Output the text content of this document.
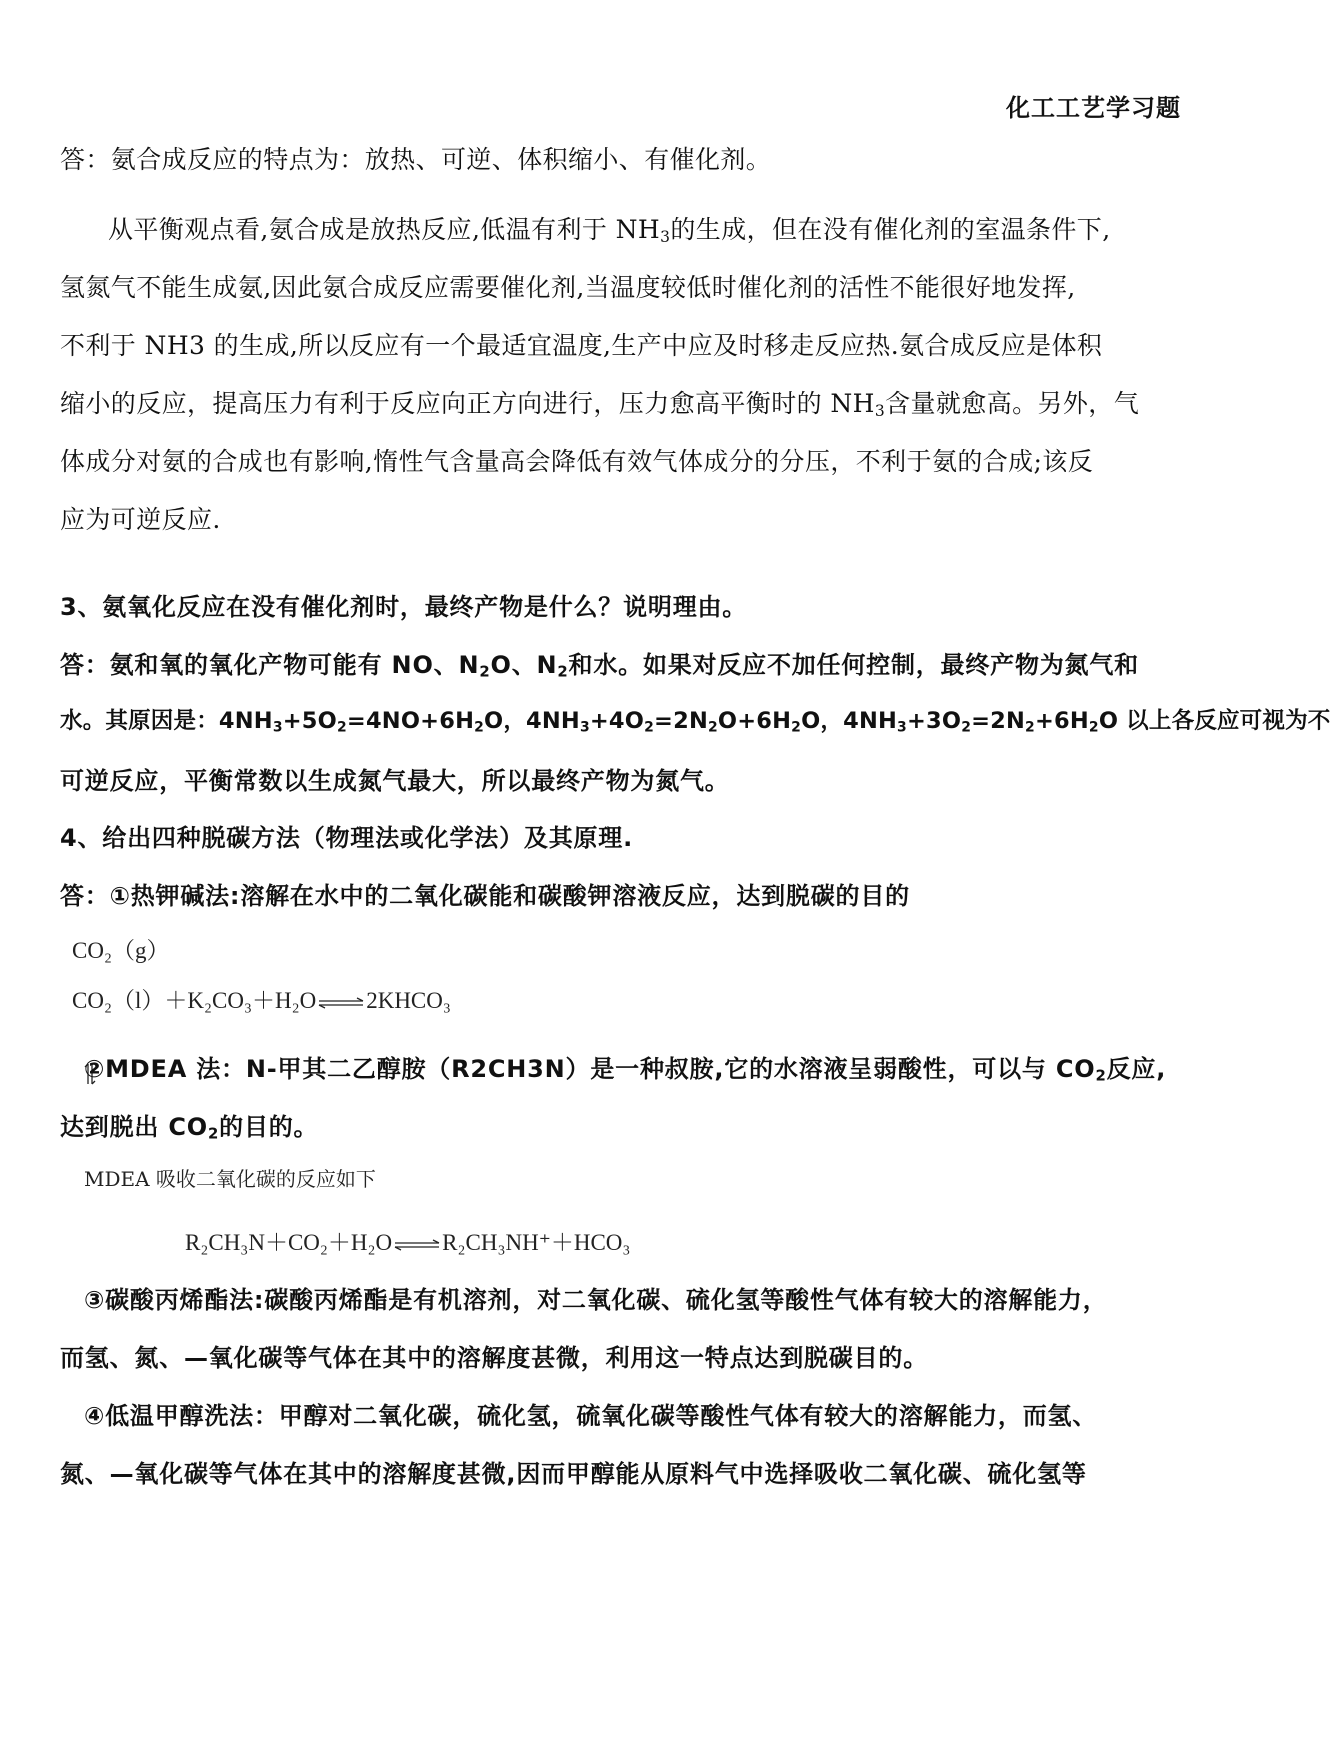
化工工艺学习题
答：氨合成反应的特点为：放热、可逆、体积缩小、有催化剂。
从平衡观点看,氨合成是放热反应,低温有利于 $NH_3$的生成，但在没有催化剂的室温条件下,
氢氮气不能生成氨,因此氨合成反应需要催化剂,当温度较低时催化剂的活性不能很好地发挥,
不利于 NH3 的生成,所以反应有一个最适宜温度,生产中应及时移走反应热.氨合成反应是体积
缩小的反应，提高压力有利于反应向正方向进行，压力愈高平衡时的 $NH_3$含量就愈高。另外，气
体成分对氨的合成也有影响,惰性气含量高会降低有效气体成分的分压，不利于氨的合成;该反
应为可逆反应.
3、氨氧化反应在没有催化剂时，最终产物是什么？说明理由。
答：氨和氧的氧化产物可能有 NO、$N_2O$、$N_2$和水。如果对反应不加任何控制，最终产物为氮气和
水。其原因是：$4NH_3+5O_2=4NO+6H_2O$，$4NH_3+4O_2=2N_2O+6H_2O$，$4NH_3+3O_2=2N_2+6H_2O$ 以上各反应可视为不
可逆反应，平衡常数以生成氮气最大，所以最终产物为氮气。
4、给出四种脱碳方法（物理法或化学法）及其原理.
答：①热钾碱法:溶解在水中的二氧化碳能和碳酸钾溶液反应，达到脱碳的目的
CO₂（g）
CO₂（l）＋K₂CO₃＋H₂O ⇌ 2KHCO₃
②MDEA 法：N-甲其二乙醇胺（R2CH3N）是一种叔胺,它的水溶液呈弱酸性，可以与 $CO_2$反应,
达到脱出 $CO_2$的目的。
MDEA 吸收二氧化碳的反应如下
R₂CH₃N＋CO₂＋H₂O ⇌ R₂CH₃NH⁺＋HCO₃
③碳酸丙烯酯法:碳酸丙烯酯是有机溶剂，对二氧化碳、硫化氢等酸性气体有较大的溶解能力，
而氢、氮、—氧化碳等气体在其中的溶解度甚微，利用这一特点达到脱碳目的。
④低温甲醇洗法：甲醇对二氧化碳，硫化氢，硫氧化碳等酸性气体有较大的溶解能力，而氢、
氮、—氧化碳等气体在其中的溶解度甚微,因而甲醇能从原料气中选择吸收二氧化碳、硫化氢等
